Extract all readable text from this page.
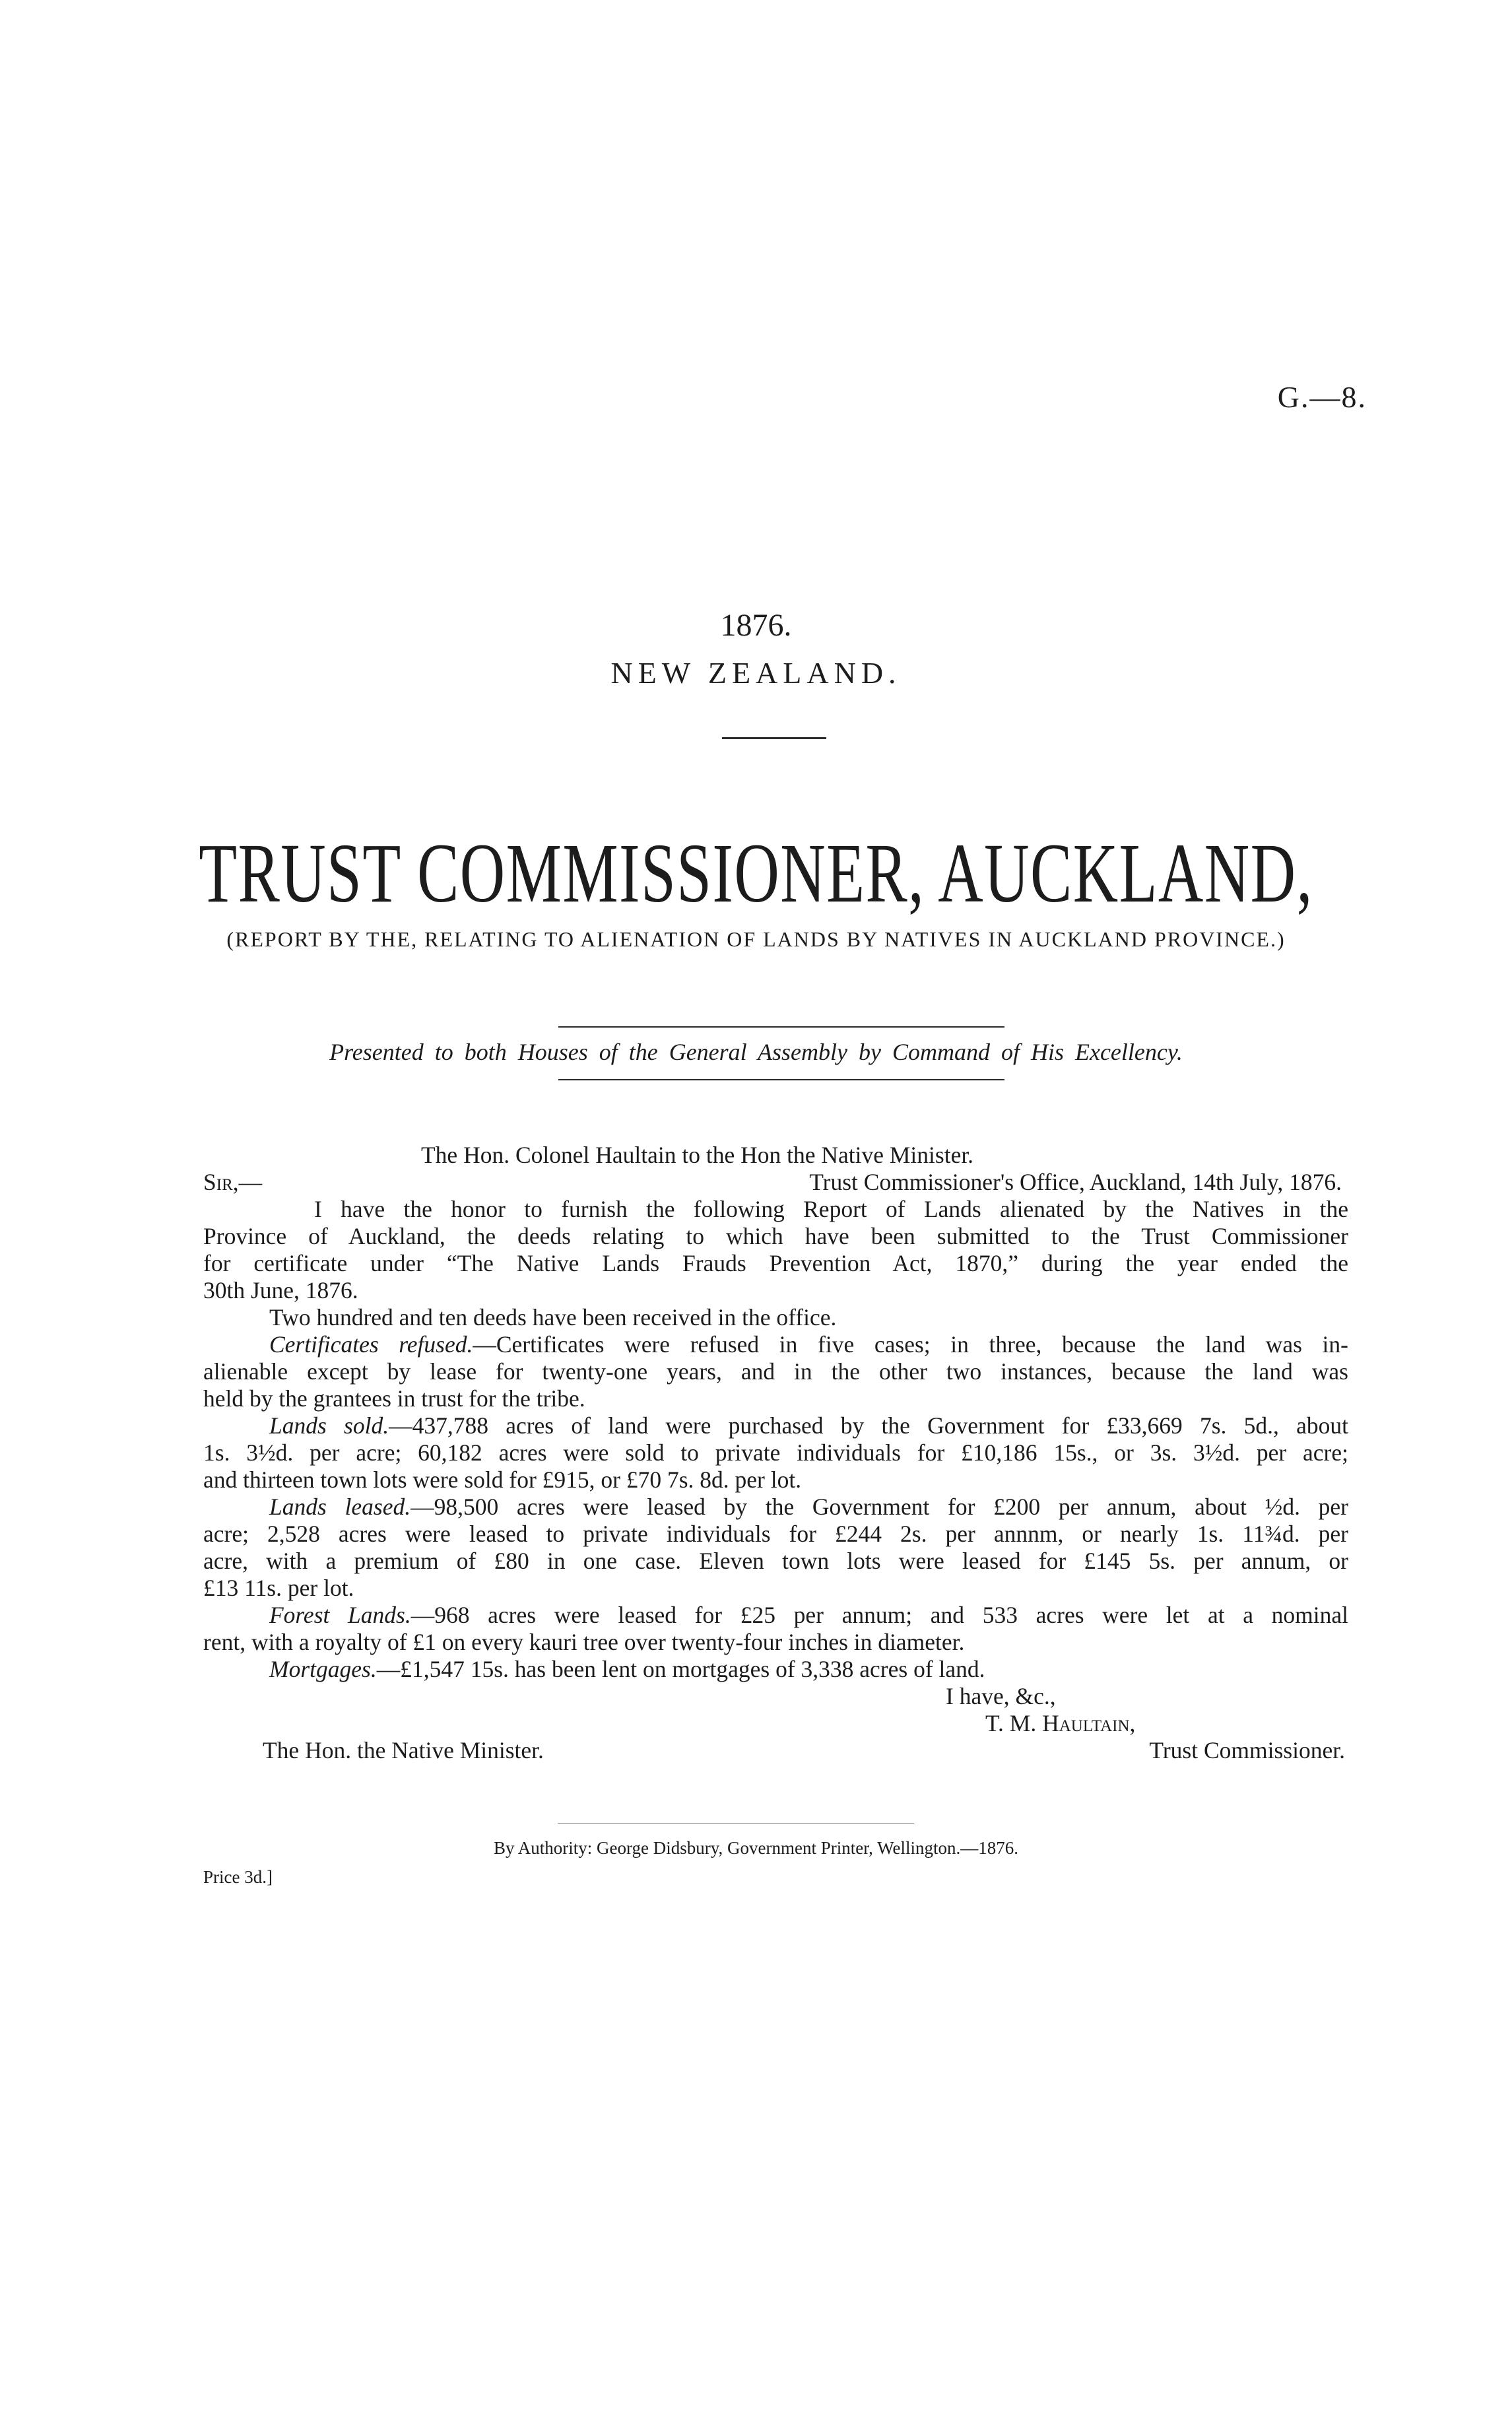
G.—8.
1876.
NEW ZEALAND.
TRUST COMMISSIONER, AUCKLAND,
(REPORT BY THE, RELATING TO ALIENATION OF LANDS BY NATIVES IN AUCKLAND PROVINCE.)
Presented to both Houses of the General Assembly by Command of His Excellency.
The Hon. Colonel Haultain to the Hon the Native Minister.
Sir,—	Trust Commissioner's Office, Auckland, 14th July, 1876.
I have the honor to furnish the following Report of Lands alienated by the Natives in the
Province of Auckland, the deeds relating to which have been submitted to the Trust Commissioner
for certificate under “The Native Lands Frauds Prevention Act, 1870,” during the year ended the
30th June, 1876.
Two hundred and ten deeds have been received in the office.
Certificates refused.—Certificates were refused in five cases; in three, because the land was in-
alienable except by lease for twenty-one years, and in the other two instances, because the land was
held by the grantees in trust for the tribe.
Lands sold.—437,788 acres of land were purchased by the Government for £33,669 7s. 5d., about
1s. 3½d. per acre; 60,182 acres were sold to private individuals for £10,186 15s., or 3s. 3½d. per acre;
and thirteen town lots were sold for £915, or £70 7s. 8d. per lot.
Lands leased.—98,500 acres were leased by the Government for £200 per annum, about ½d. per
acre; 2,528 acres were leased to private individuals for £244 2s. per annnm, or nearly 1s. 11¾d. per
acre, with a premium of £80 in one case. Eleven town lots were leased for £145 5s. per annum, or
£13 11s. per lot.
Forest Lands.—968 acres were leased for £25 per annum; and 533 acres were let at a nominal
rent, with a royalty of £1 on every kauri tree over twenty-four inches in diameter.
Mortgages.—£1,547 15s. has been lent on mortgages of 3,338 acres of land.
I have, &c.,
T. M. Haultain,
The Hon. the Native Minister.	Trust Commissioner.
By Authority: George Didsbury, Government Printer, Wellington.—1876.
Price 3d.]
